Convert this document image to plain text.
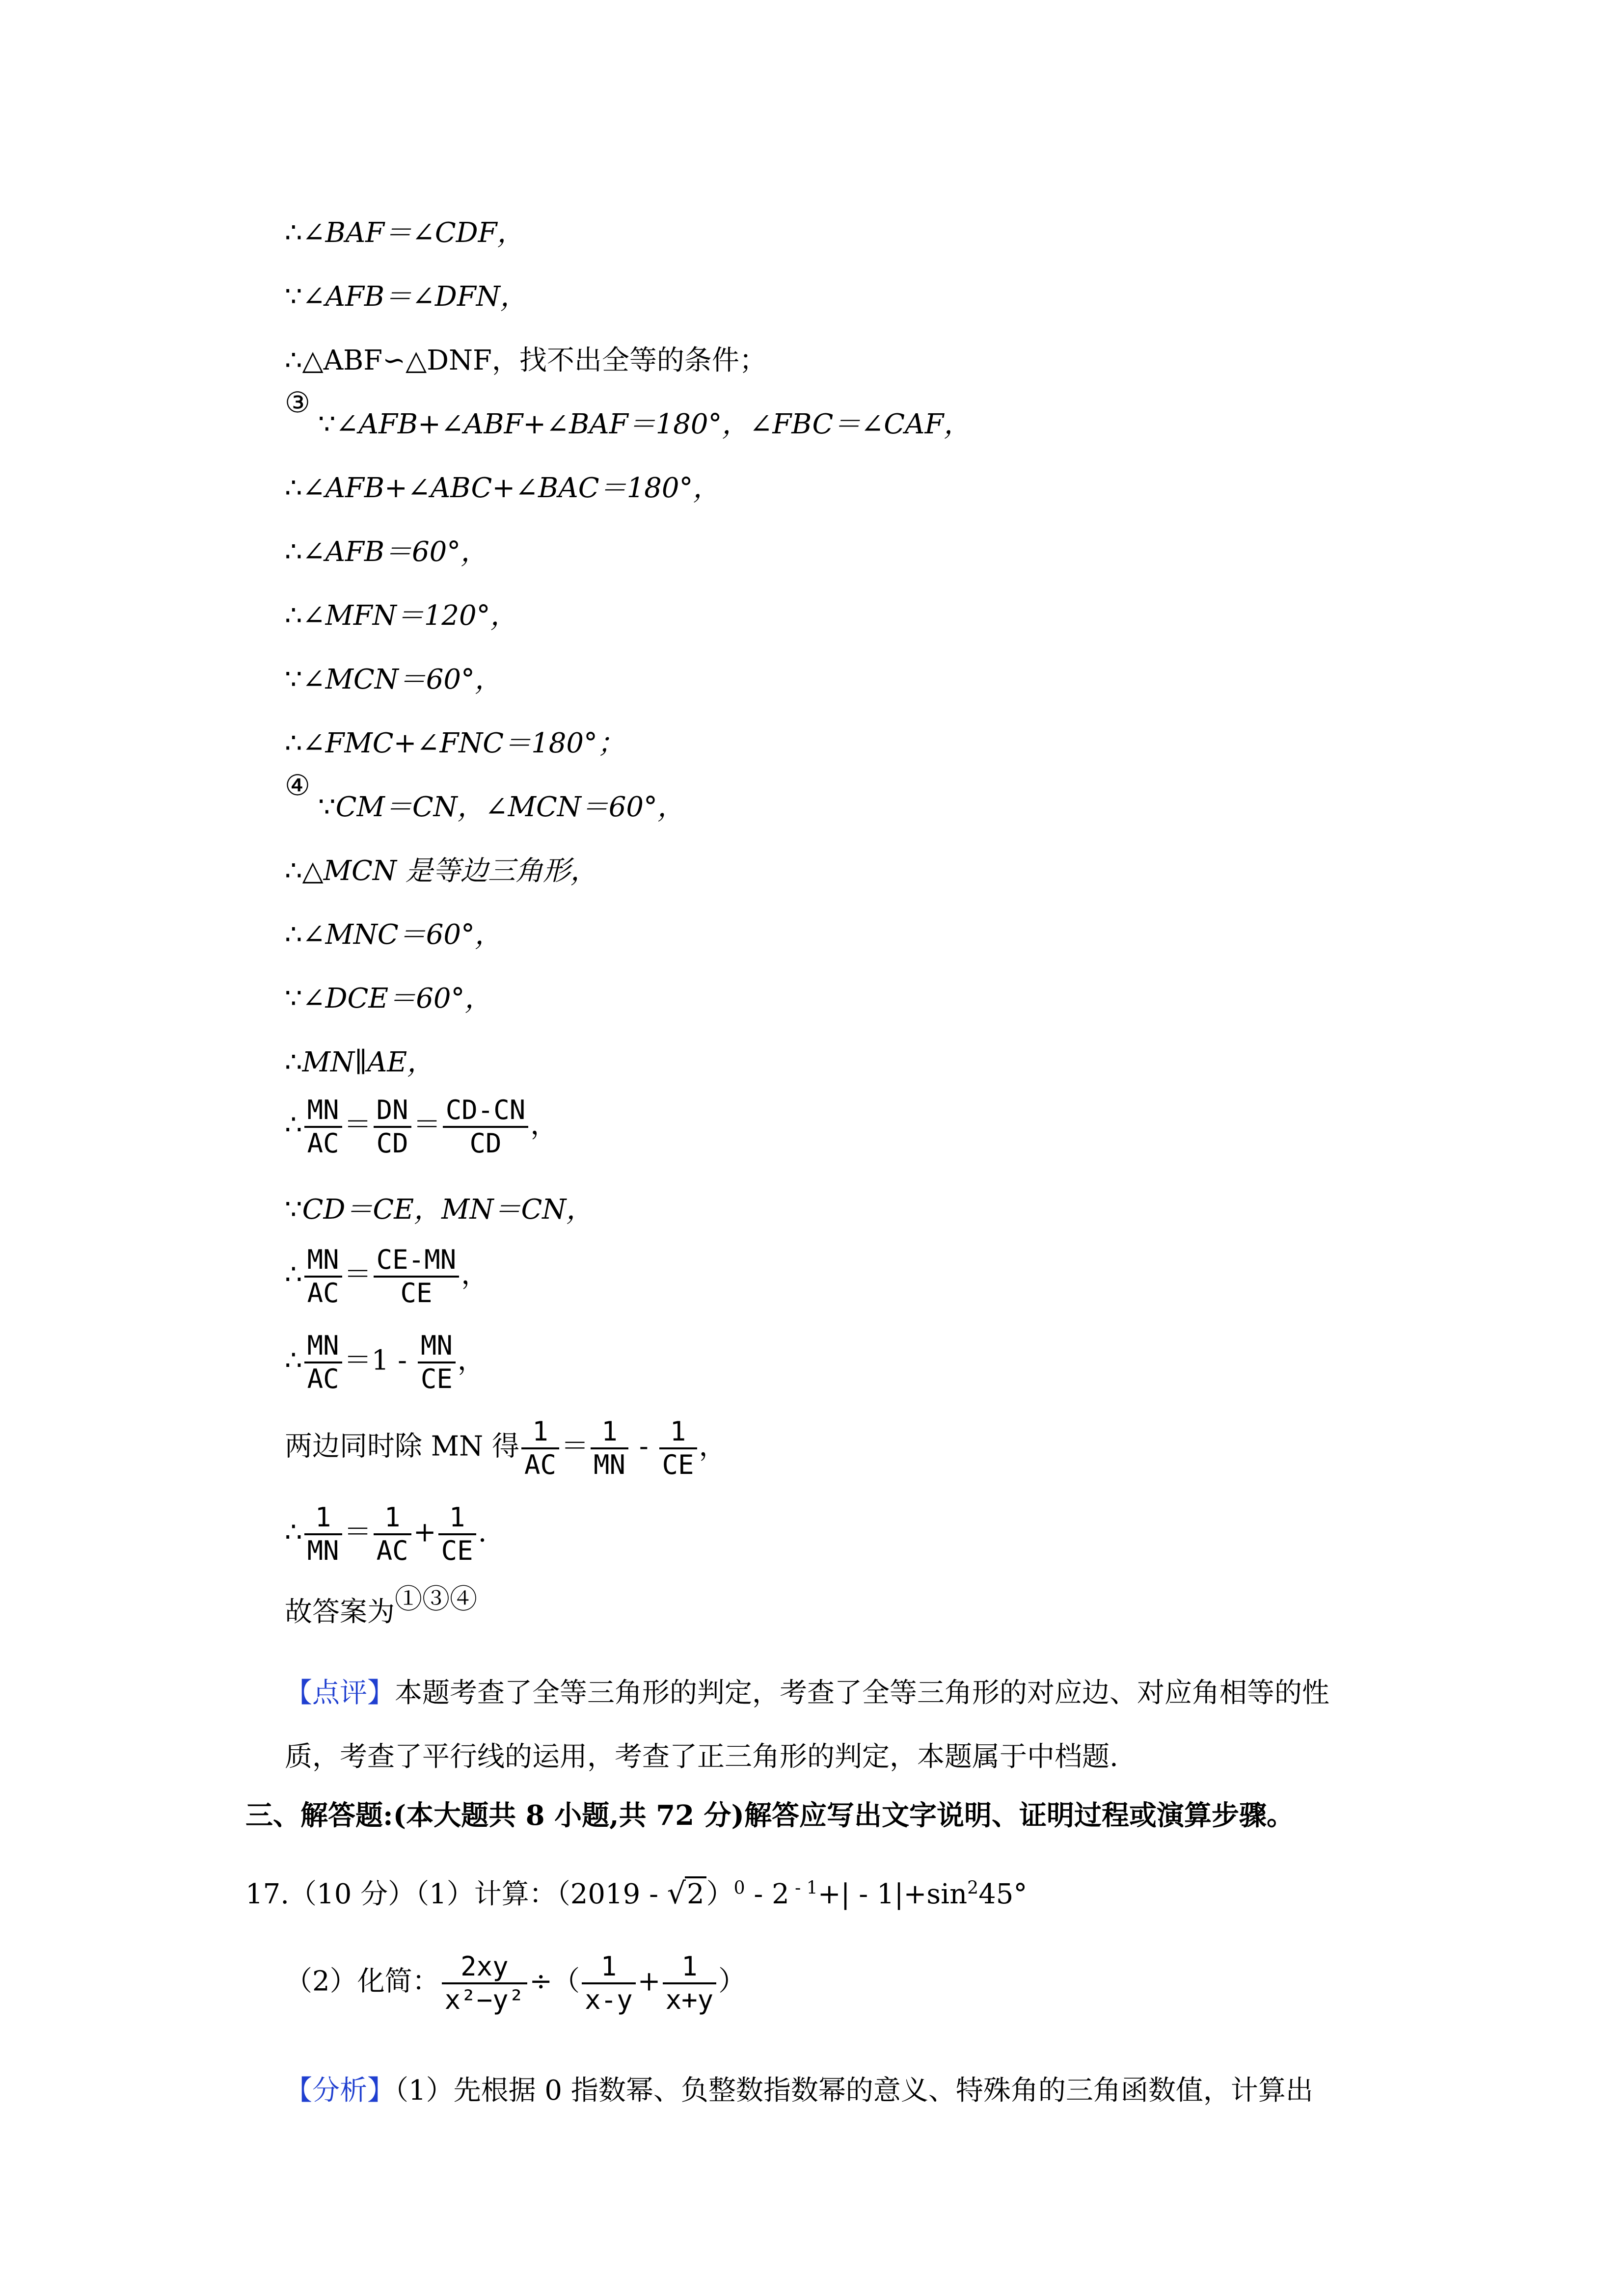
∴∠BAF＝∠CDF，
∵∠AFB＝∠DFN，
∴△ABF∽△DNF，找不出全等的条件；
③
∵∠AFB+∠ABF+∠BAF＝180°，∠FBC＝∠CAF，
∴∠AFB+∠ABC+∠BAC＝180°，
∴∠AFB＝60°，
∴∠MFN＝120°，
∵∠MCN＝60°，
∴∠FMC+∠FNC＝180°；
④
∵CM＝CN，∠MCN＝60°，
∴△MCN 是等边三角形，
∴∠MNC＝60°，
∵∠DCE＝60°，
∴MN∥AE，
∴ $\frac{MN}{AC} = \frac{DN}{CD} = \frac{CD-CN}{CD}$ ，
∵CD＝CE，MN＝CN，
∴ $\frac{MN}{AC} = \frac{CE-MN}{CE}$ ，
∴ $\frac{MN}{AC} =1 - \frac{MN}{CE}$ ，
两边同时除 MN 得 $\frac{1}{AC} = \frac{1}{MN} - \frac{1}{CE}$ ，
∴ $\frac{1}{MN} = \frac{1}{AC} + \frac{1}{CE}$ .
故答案为①③④
【点评】本题考查了全等三角形的判定，考查了全等三角形的对应边、对应角相等的性
质，考查了平行线的运用，考查了正三角形的判定，本题属于中档题.
三、解答题:(本大题共 8 小题,共 72 分)解答应写出文字说明、证明过程或演算步骤。
17.（10 分）（1）计算：（2019 - √2）$^0$ - 2 $^{- 1}+| - 1|+\sin^245^\circ$
（2）化简： $\frac{2xy}{\text{x²−y²}}$ ÷（ $\frac{1}{x-y} + \frac{1}{x+y}$ ）
【分析】（1）先根据 0 指数幂、负整数指数幂的意义、特殊角的三角函数值，计算出
